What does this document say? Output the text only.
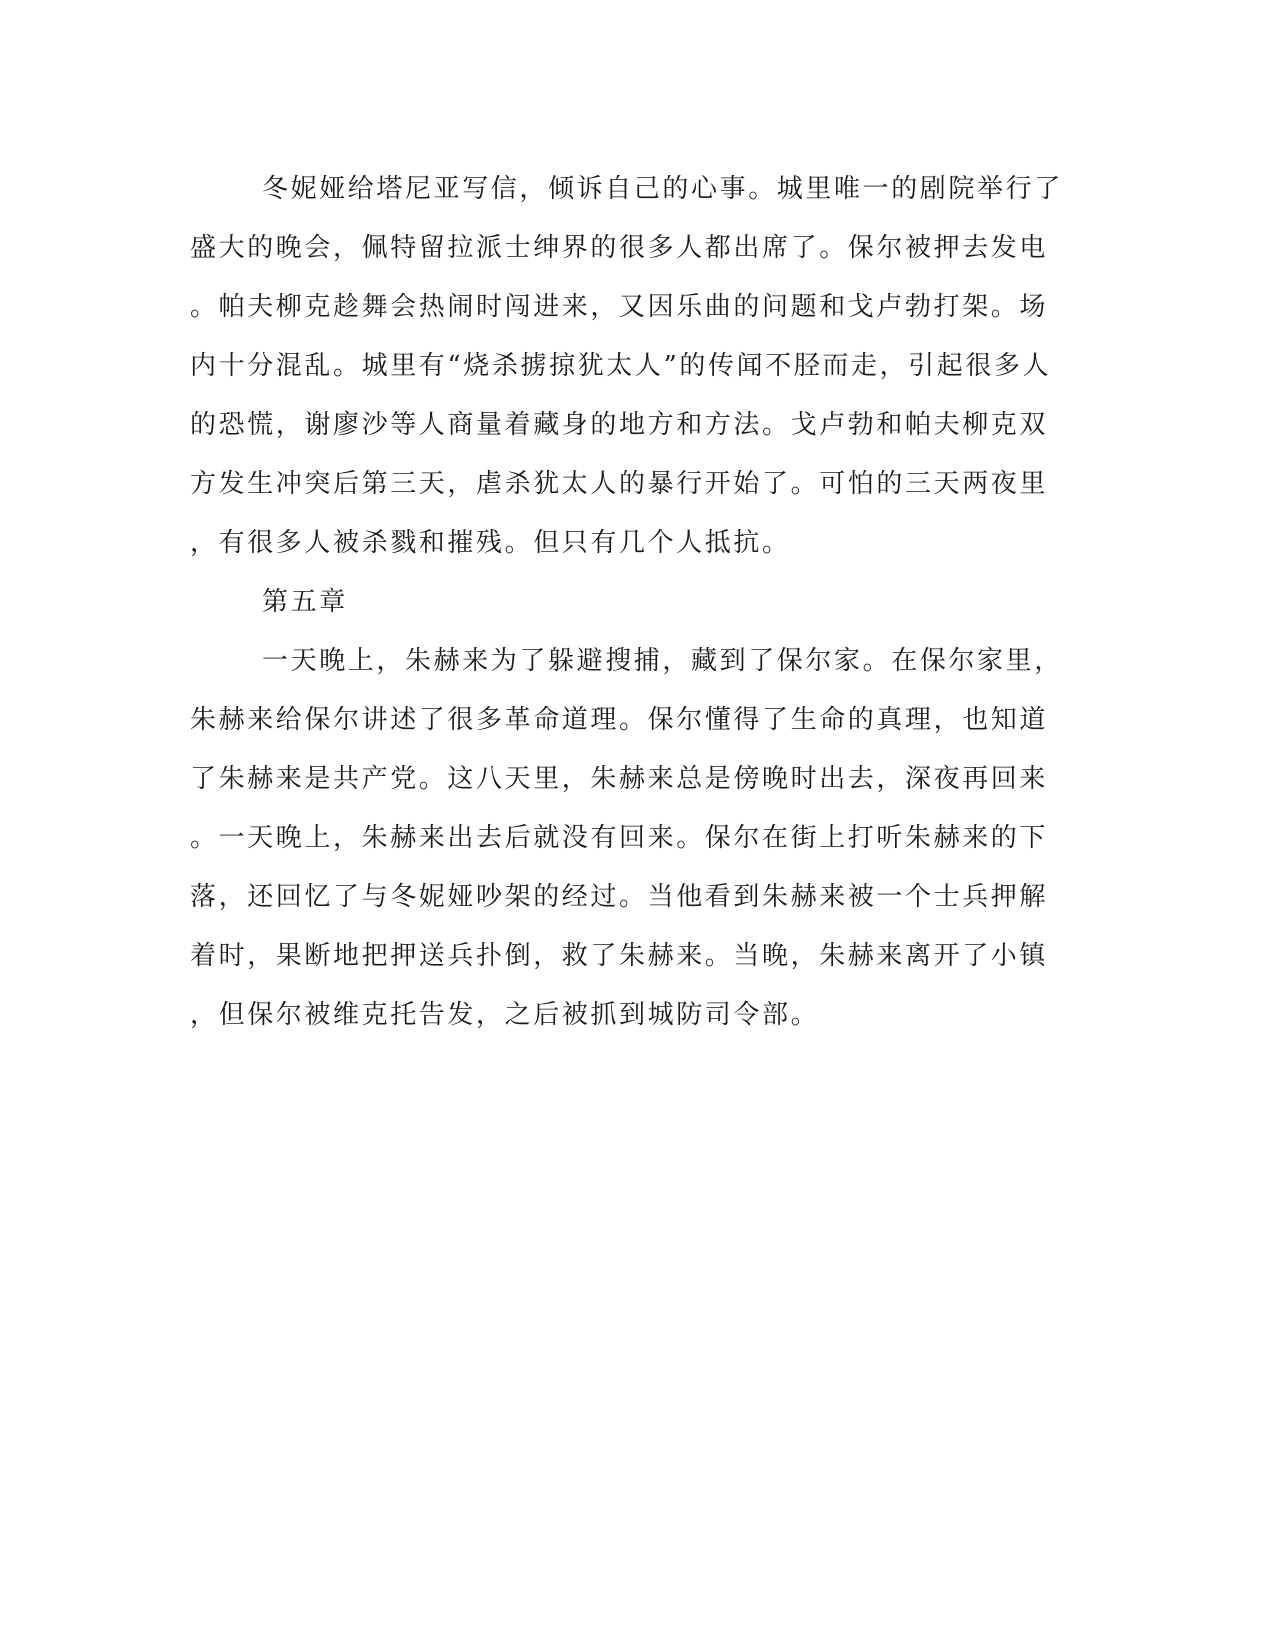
冬妮娅给塔尼亚写信，倾诉自己的心事。城里唯一的剧院举行了
盛大的晚会，佩特留拉派士绅界的很多人都出席了。保尔被押去发电
。帕夫柳克趁舞会热闹时闯进来，又因乐曲的问题和戈卢勃打架。场
内十分混乱。城里有“烧杀掳掠犹太人”的传闻不胫而走，引起很多人
的恐慌，谢廖沙等人商量着藏身的地方和方法。戈卢勃和帕夫柳克双
方发生冲突后第三天，虐杀犹太人的暴行开始了。可怕的三天两夜里
，有很多人被杀戮和摧残。但只有几个人抵抗。
第五章
一天晚上，朱赫来为了躲避搜捕，藏到了保尔家。在保尔家里，
朱赫来给保尔讲述了很多革命道理。保尔懂得了生命的真理，也知道
了朱赫来是共产党。这八天里，朱赫来总是傍晚时出去，深夜再回来
。一天晚上，朱赫来出去后就没有回来。保尔在街上打听朱赫来的下
落，还回忆了与冬妮娅吵架的经过。当他看到朱赫来被一个士兵押解
着时，果断地把押送兵扑倒，救了朱赫来。当晚，朱赫来离开了小镇
，但保尔被维克托告发，之后被抓到城防司令部。
